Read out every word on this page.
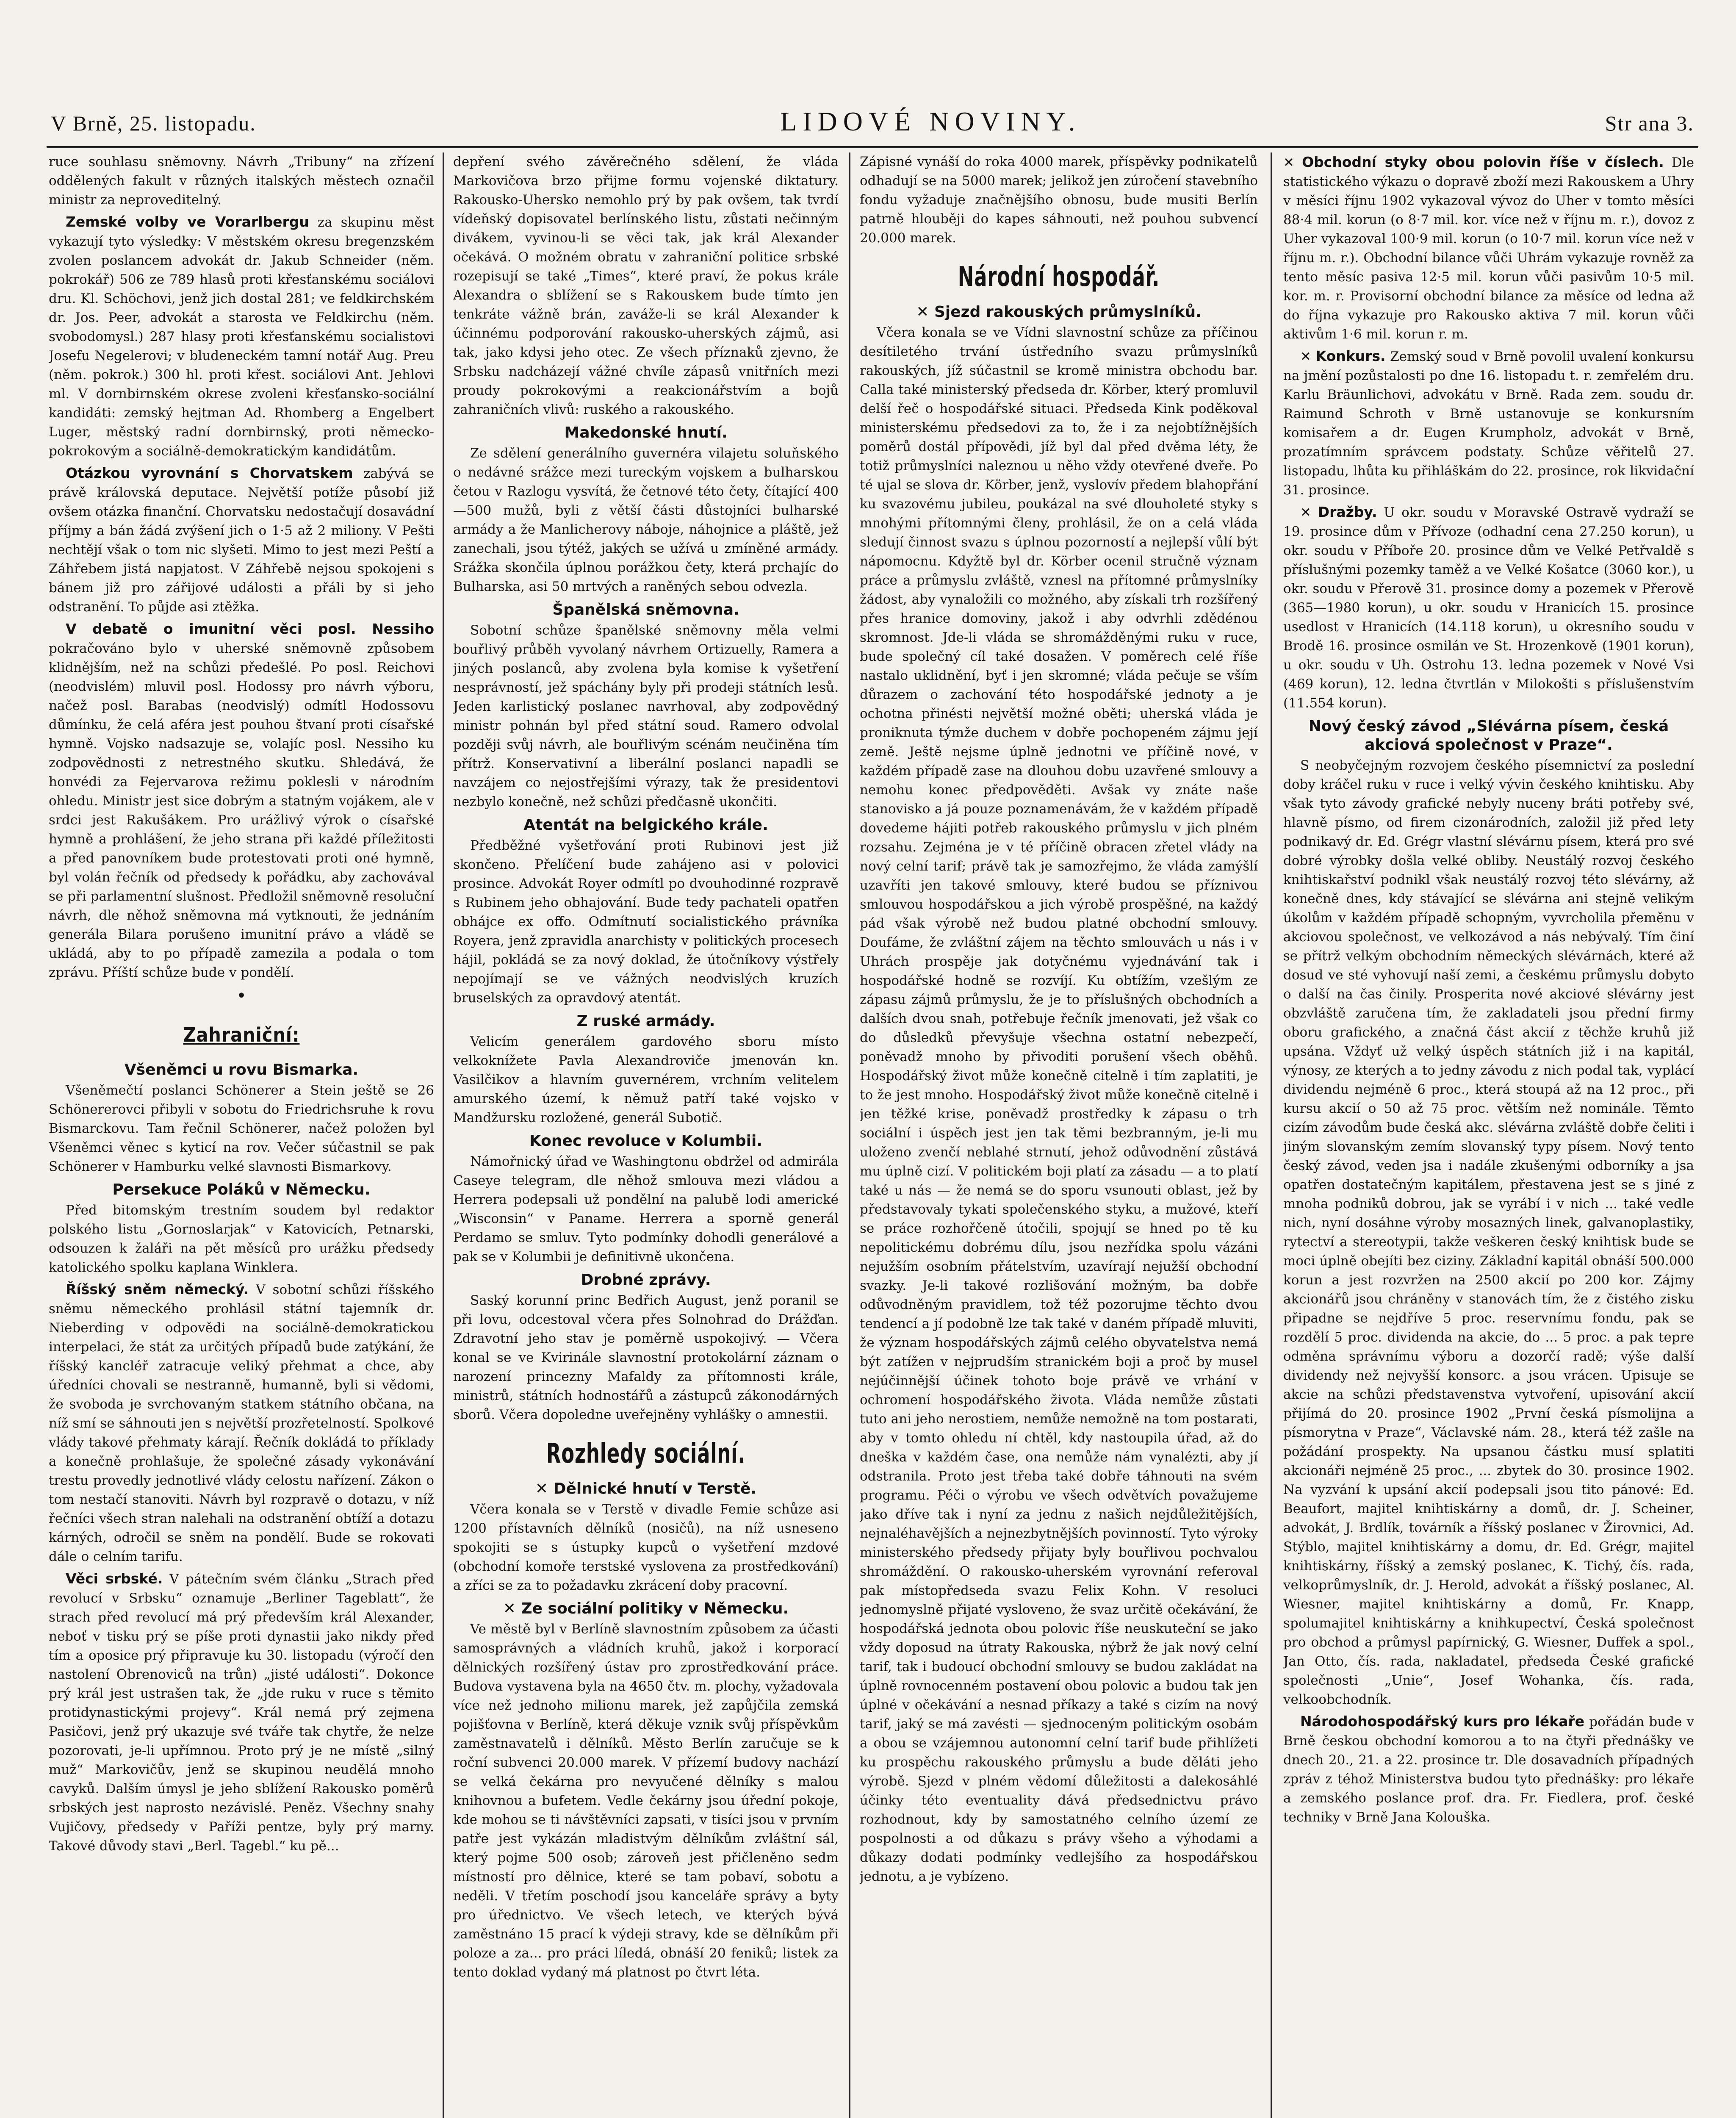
V Brně, 25. listopadu.	LIDOVÉ NOVINY.	Str ana 3.

ruce souhlasu sněmovny. Návrh „Tribuny“ na zřízení oddělených fakult v různých italských městech označil ministr za neproveditelný.

Zemské volby ve Vorarlbergu za skupinu měst vykazují tyto výsledky: V městském okresu bregenzském zvolen poslancem advokát dr. Jakub Schneider (něm. pokrokář) 506 ze 789 hlasů proti křesťanskému sociálovi dru. Kl. Schöchovi, jenž jich dostal 281; ve feldkirchském dr. Jos. Peer, advokát a starosta ve Feldkirchu (něm. svobodomysl.) 287 hlasy proti křesťanskému socialistovi Josefu Negelerovi; v bludeneckém tamní notář Aug. Preu (něm. pokrok.) 300 hl. proti křest. sociálovi Ant. Jehlovi ml. V dornbirnském okrese zvoleni křesťansko-sociální kandidáti: zemský hejtman Ad. Rhomberg a Engelbert Luger, městský radní dornbirnský, proti německo-pokrokovým a sociálně-demokratickým kandidátům.

Otázkou vyrovnání s Chorvatskem zabývá se právě královská deputace. Největší potíže působí již ovšem otázka finanční. Chorvatsku nedostačují dosavádní příjmy a bán žádá zvýšení jich o 1·5 až 2 miliony. V Pešti nechtějí však o tom nic slyšeti. Mimo to jest mezi Peští a Záhřebem jistá napjatost. V Záhřebě nejsou spokojeni s bánem již pro zářijové události a přáli by si jeho odstranění. To půjde asi ztěžka.

V debatě o imunitní věci posl. Nessiho pokračováno bylo v uherské sněmovně způsobem klidnějším, než na schůzi předešlé. Po posl. Reichovi (neodvislém) mluvil posl. Hodossy pro návrh výboru, načež posl. Barabas (neodvislý) odmítl Hodossovu důmínku, že celá aféra jest pouhou štvaní proti císařské hymně. Vojsko nadsazuje se, volajíc posl. Nessiho ku zodpovědnosti z netrestného skutku. Shledává, že honvédi za Fejervarova režimu poklesli v národním ohledu. Ministr jest sice dobrým a statným vojákem, ale v srdci jest Rakušákem. Pro urážlivý výrok o císařské hymně a prohlášení, že jeho strana při každé příležitosti a před panovníkem bude protestovati proti oné hymně, byl volán řečník od předsedy k pořádku, aby zachovával se při parlamentní slušnost. Předložil sněmovně resoluční návrh, dle něhož sněmovna má vytknouti, že jednáním generála Bilara porušeno imunitní právo a vládě se ukládá, aby to po případě zamezila a podala o tom zprávu. Příští schůze bude v pondělí.

•
Zahraniční:
Všeněmci u rovu Bismarka.

Všeněmečtí poslanci Schönerer a Stein ještě se 26 Schönererovci přibyli v sobotu do Friedrichsruhe k rovu Bismarckovu. Tam řečnil Schönerer, načež položen byl Všeněmci věnec s kyticí na rov. Večer súčastnil se pak Schönerer v Hamburku velké slavnosti Bismarkovy.

Persekuce Poláků v Německu.

Před bitomským trestním soudem byl redaktor polského listu „Gornoslarjak“ v Katovicích, Petnarski, odsouzen k žaláři na pět měsíců pro urážku předsedy katolického spolku kaplana Winklera.

Říšský sněm německý. V sobotní schůzi říšského sněmu německého prohlásil státní tajemník dr. Nieberding v odpovědi na sociálně-demokratickou interpelaci, že stát za určitých případů bude zatýkání, že říšský kancléř zatracuje veliký přehmat a chce, aby úředníci chovali se nestranně, humanně, byli si vědomi, že svoboda je svrchovaným statkem státního občana, na níž smí se sáhnouti jen s největší prozřetelností. Spolkové vlády takové přehmaty kárají. Řečník dokládá to příklady a konečně prohlašuje, že společné zásady vykonávání trestu provedly jednotlivé vlády celostu nařízení. Zákon o tom nestačí stanoviti. Návrh byl rozpravě o dotazu, v níž řečníci všech stran nalehali na odstranění obtíží a dotazu kárných, odročil se sněm na pondělí. Bude se rokovati dále o celním tarifu.

Věci srbské. V pátečním svém článku „Strach před revolucí v Srbsku“ oznamuje „Berliner Tageblatt“, že strach před revolucí má prý především král Alexander, neboť v tisku prý se píše proti dynastii jako nikdy před tím a oposice prý připravuje ku 30. listopadu (výročí den nastolení Obrenoviců na trůn) „jisté události“. Dokonce prý král jest ustrašen tak, že „jde ruku v ruce s těmito protidynastickými projevy“. Král nemá prý zejmena Pasičovi, jenž prý ukazuje své tváře tak chytře, že nelze pozorovati, je-li upřímnou. Proto prý je ne místě „silný muž“ Markovičův, jenž se skupinou neudělá mnoho cavyků. Dalším úmysl je jeho sblížení Rakousko poměrů srbských jest naprosto nezávislé. Peněz. Všechny snahy Vujičovy, předsedy v Paříži pentze, byly prý marny. Takové důvody stavi „Berl. Tagebl.“ ku pě...

depření svého závěrečného sdělení, že vláda Markovičova brzo přijme formu vojenské diktatury. Rakousko-Uhersko nemohlo prý by pak ovšem, tak tvrdí vídeňský dopisovatel berlínského listu, zůstati nečinným divákem, vyvinou-li se věci tak, jak král Alexander očekává. O možném obratu v zahraniční politice srbské rozepisují se také „Times“, které praví, že pokus krále Alexandra o sblížení se s Rakouskem bude tímto jen tenkráte vážně brán, zaváže-li se král Alexander k účinnému podporování rakousko-uherských zájmů, asi tak, jako kdysi jeho otec. Ze všech příznaků zjevno, že Srbsku nadcházejí vážné chvíle zápasů vnitřních mezi proudy pokrokovými a reakcionářstvím a bojů zahraničních vlivů: ruského a rakouského.

Makedonské hnutí.

Ze sdělení generálního guvernéra vilajetu soluňského o nedávné srážce mezi tureckým vojskem a bulharskou četou v Razlogu vysvítá, že četnové této čety, čítající 400—500 mužů, byli z větší části důstojníci bulharské armády a že Manlicherovy náboje, náhojnice a pláště, jež zanechali, jsou týtéž, jakých se užívá u zmíněné armády. Srážka skončila úplnou porážkou čety, která prchajíc do Bulharska, asi 50 mrtvých a raněných sebou odvezla.

Španělská sněmovna.

Sobotní schůze španělské sněmovny měla velmi bouřlivý průběh vyvolaný návrhem Ortizuelly, Ramera a jiných poslanců, aby zvolena byla komise k vyšetření nesprávností, jež spáchány byly při prodeji státních lesů. Jeden karlistický poslanec navrhoval, aby zodpovědný ministr pohnán byl před státní soud. Ramero odvolal později svůj návrh, ale bouřlivým scénám neučiněna tím přítrž. Konservativní a liberální poslanci napadli se navzájem co nejostřejšími výrazy, tak že presidentovi nezbylo konečně, než schůzi předčasně ukončiti.

Atentát na belgického krále.

Předběžné vyšetřování proti Rubinovi jest již skončeno. Přelíčení bude zahájeno asi v polovici prosince. Advokát Royer odmítl po dvouhodinné rozpravě s Rubinem jeho obhajování. Bude tedy pachateli opatřen obhájce ex offo. Odmítnutí socialistického právníka Royera, jenž zpravidla anarchisty v politických procesech hájil, pokládá se za nový doklad, že útočníkovy výstřely nepojímají se ve vážných neodvislých kruzích bruselských za opravdový atentát.

Z ruské armády.

Velicím generálem gardového sboru místo velkoknížete Pavla Alexandroviče jmenován kn. Vasilčikov a hlavním guvernérem, vrchním velitelem amurského území, k němuž patří také vojsko v Mandžursku rozložené, generál Subotič.

Konec revoluce v Kolumbii.

Námořnický úřad ve Washingtonu obdržel od admirála Caseye telegram, dle něhož smlouva mezi vládou a Herrera podepsali už pondělní na palubě lodi americké „Wisconsin“ v Paname. Herrera a sporně generál Perdamo se smluv. Tyto podmínky dohodli generálové a pak se v Kolumbii je definitivně ukončena.

Drobné zprávy.

Saský korunní princ Bedřich August, jenž poranil se při lovu, odcestoval včera přes Solnohrad do Drážďan. Zdravotní jeho stav je poměrně uspokojivý. — Včera konal se ve Kvirinále slavnostní protokolární záznam o narození princezny Mafaldy za přítomnosti krále, ministrů, státních hodnostářů a zástupců zákonodárných sborů. Včera dopoledne uveřejněny vyhlášky o amnestii.

Rozhledy sociální.
✕ Dělnické hnutí v Terstě.

Včera konala se v Terstě v divadle Femie schůze asi 1200 přístavních dělníků (nosičů), na níž usneseno spokojiti se s ústupky kupců o vyšetření mzdové (obchodní komoře terstské vyslovena za prostředkování) a zříci se za to požadavku zkrácení doby pracovní.

✕ Ze sociální politiky v Německu.

Ve městě byl v Berlíně slavnostním způsobem za účasti samosprávných a vládních kruhů, jakož i korporací dělnických rozšířený ústav pro zprostředkování práce. Budova vystavena byla na 4650 čtv. m. plochy, vyžadovala více než jednoho milionu marek, jež zapůjčila zemská pojišťovna v Berlíně, která děkuje vznik svůj příspěvkům zaměstnavatelů i dělníků. Město Berlín zaručuje se k roční subvenci 20.000 marek. V přízemí budovy nachází se velká čekárna pro nevyučené dělníky s malou knihovnou a bufetem. Vedle čekárny jsou úřední pokoje, kde mohou se ti návštěvníci zapsati, v tisíci jsou v prvním patře jest vykázán mladistvým dělníkům zvláštní sál, který pojme 500 osob; zároveň jest přičleněno sedm místností pro dělnice, které se tam pobaví, sobotu a neděli. V třetím poschodí jsou kanceláře správy a byty pro úřednictvo. Ve všech letech, ve kterých bývá zaměstnáno 15 prací k výdeji stravy, kde se dělníkům při poloze a za... pro práci líledá, obnáší 20 feniků; listek za tento doklad vydaný má platnost po čtvrt léta.

Zápisné vynáší do roka 4000 marek, příspěvky podnikatelů odhadují se na 5000 marek; jelikož jen zúročení stavebního fondu vyžaduje značnějšího obnosu, bude musiti Berlín patrně hlouběji do kapes sáhnouti, než pouhou subvencí 20.000 marek.

Národní hospodář.
✕ Sjezd rakouských průmyslníků.

Včera konala se ve Vídni slavnostní schůze za příčinou desítiletého trvání ústředního svazu průmyslníků rakouských, jíž súčastnil se kromě ministra obchodu bar. Calla také ministerský předseda dr. Körber, který promluvil delší řeč o hospodářské situaci. Předseda Kink poděkoval ministerskému předsedovi za to, že i za nejobtížnějších poměrů dostál přípovědi, jíž byl dal před dvěma léty, že totiž průmyslníci naleznou u něho vždy otevřené dveře. Po té ujal se slova dr. Körber, jenž, vyslovív předem blahopřání ku svazovému jubileu, poukázal na své dlouholeté styky s mnohými přítomnými členy, prohlásil, že on a celá vláda sledují činnost svazu s úplnou pozorností a nejlepší vůlí být nápomocnu. Kdyžtě byl dr. Körber ocenil stručně význam práce a průmyslu zvláště, vznesl na přítomné průmyslníky žádost, aby vynaložili co možného, aby získali trh rozšířený přes hranice domoviny, jakož i aby odvrhli zdědénou skromnost. Jde-li vláda se shromážděnými ruku v ruce, bude společný cíl také dosažen. V poměrech celé říše nastalo uklidnění, byť i jen skromné; vláda pečuje se vším důrazem o zachování této hospodářské jednoty a je ochotna přinésti největší možné oběti; uherská vláda je proniknuta týmže duchem v dobře pochopeném zájmu její země. Ještě nejsme úplně jednotni ve příčině nové, v každém případě zase na dlouhou dobu uzavřené smlouvy a nemohu konec předpověděti. Avšak vy znáte naše stanovisko a já pouze poznamenávám, že v každém případě dovedeme hájiti potřeb rakouského průmyslu v jich plném rozsahu. Zejména je v té příčině obracen zřetel vlády na nový celní tarif; právě tak je samozřejmo, že vláda zamýšlí uzavříti jen takové smlouvy, které budou se příznivou smlouvou hospodářskou a jich výrobě prospěšné, na každý pád však výrobě než budou platné obchodní smlouvy. Doufáme, že zvláštní zájem na těchto smlouvách u nás i v Uhrách prospěje jak dotyčnému vyjednávání tak i hospodářské hodně se rozvíjí. Ku obtížím, vzešlým ze zápasu zájmů průmyslu, že je to příslušných obchodních a dalších dvou snah, potřebuje řečník jmenovati, jež však co do důsledků převyšuje všechna ostatní nebezpečí, poněvadž mnoho by přivoditi porušení všech oběhů. Hospodářský život může konečně citelně i tím zaplatiti, je to že jest mnoho. Hospodářský život může konečně citelně i jen těžké krise, poněvadž prostředky k zápasu o trh sociální i úspěch jest jen tak těmi bezbranným, je-li mu uloženo zvenčí neblahé strnutí, jehož odůvodnění zůstává mu úplně cizí. V politickém boji platí za zásadu — a to platí také u nás — že nemá se do sporu vsunouti oblast, jež by představovaly tykati společenského styku, a mužové, kteří se práce rozhořčeně útočili, spojují se hned po tě ku nepolitickému dobrému dílu, jsou nezřídka spolu vázáni nejužším osobním přátelstvím, uzavírají nejužší obchodní svazky. Je-li takové rozlišování možným, ba dobře odůvodněným pravidlem, tož též pozorujme těchto dvou tendencí a jí podobně lze tak také v daném případě mluviti, že význam hospodářských zájmů celého obyvatelstva nemá být zatížen v nejprudším stranickém boji a proč by musel nejúčinnější účinek tohoto boje právě ve vrhání v ochromení hospodářského života. Vláda nemůže zůstati tuto ani jeho nerostiem, nemůže nemožně na tom postarati, aby v tomto ohledu ní chtěl, kdy nastoupila úřad, až do dneška v každém čase, ona nemůže nám vynalézti, aby jí odstranila. Proto jest třeba také dobře táhnouti na svém programu. Péči o výrobu ve všech odvětvích považujeme jako dříve tak i nyní za jednu z našich nejdůležitějších, nejnaléhavějších a nejnezbytnějších povinností. Tyto výroky ministerského předsedy přijaty byly bouřlivou pochvalou shromáždění. O rakousko-uherském vyrovnání referoval pak místopředseda svazu Felix Kohn. V resoluci jednomyslně přijaté vysloveno, že svaz určitě očekávání, že hospodářská jednota obou polovic říše neuskuteční se jako vždy doposud na útraty Rakouska, nýbrž že jak nový celní tarif, tak i budoucí obchodní smlouvy se budou zakládat na úplně rovnocenném postavení obou polovic a budou tak jen úplné v očekávání a nesnad příkazy a také s cizím na nový tarif, jaký se má zavésti — sjednoceným politickým osobám a obou se vzájemnou autonomní celní tarif bude přihlížeti ku prospěchu rakouského průmyslu a bude děláti jeho výrobě. Sjezd v plném vědomí důležitosti a dalekosáhlé účinky této eventuality dává předsednictvu právo rozhodnout, kdy by samostatného celního území ze pospolnosti a od důkazu s právy všeho a výhodami a důkazy dodati podmínky vedlejšího za hospodářskou jednotu, a je vybízeno.

✕ Obchodní styky obou polovin říše v číslech. Dle statistického výkazu o dopravě zboží mezi Rakouskem a Uhry v měsíci říjnu 1902 vykazoval vývoz do Uher v tomto měsíci 88·4 mil. korun (o 8·7 mil. kor. více než v říjnu m. r.), dovoz z Uher vykazoval 100·9 mil. korun (o 10·7 mil. korun více než v říjnu m. r.). Obchodní bilance vůči Uhrám vykazuje rovněž za tento měsíc pasiva 12·5 mil. korun vůči pasivům 10·5 mil. kor. m. r. Provisorní obchodní bilance za měsíce od ledna až do října vykazuje pro Rakousko aktiva 7 mil. korun vůči aktivům 1·6 mil. korun r. m.

✕ Konkurs. Zemský soud v Brně povolil uvalení konkursu na jmění pozůstalosti po dne 16. listopadu t. r. zemřelém dru. Karlu Bräunlichovi, advokátu v Brně. Rada zem. soudu dr. Raimund Schroth v Brně ustanovuje se konkursním komisařem a dr. Eugen Krumpholz, advokát v Brně, prozatímním správcem podstaty. Schůze věřitelů 27. listopadu, lhůta ku přihláškám do 22. prosince, rok likvidační 31. prosince.

✕ Dražby. U okr. soudu v Moravské Ostravě vydraží se 19. prosince dům v Přívoze (odhadní cena 27.250 korun), u okr. soudu v Příboře 20. prosince dům ve Velké Petřvaldě s příslušnými pozemky taměž a ve Velké Košatce (3060 kor.), u okr. soudu v Přerově 31. prosince domy a pozemek v Přerově (365—1980 korun), u okr. soudu v Hranicích 15. prosince usedlost v Hranicích (14.118 korun), u okresního soudu v Brodě 16. prosince osmilán ve St. Hrozenkově (1901 korun), u okr. soudu v Uh. Ostrohu 13. ledna pozemek v Nové Vsi (469 korun), 12. ledna čtvrtlán v Milokošti s příslušenstvím (11.554 korun).

Nový český závod „Slévárna písem, česká akciová společnost v Praze“.

S neobyčejným rozvojem českého písemnictví za poslední doby kráčel ruku v ruce i velký vývin českého knihtisku. Aby však tyto závody grafické nebyly nuceny bráti potřeby své, hlavně písmo, od firem cizonárodních, založil již před lety podnikavý dr. Ed. Grégr vlastní slévárnu písem, která pro své dobré výrobky došla velké obliby. Neustálý rozvoj českého knihtiskařství podnikl však neustálý rozvoj této slévárny, až konečně dnes, kdy stávající se slévárna ani stejně velikým úkolům v každém případě schopným, vyvrcholila přeměnu v akciovou společnost, ve velkozávod a nás nebývalý. Tím činí se přítrž velkým obchodním německých slévárnách, které až dosud ve sté vyhovují naší zemi, a českému průmyslu dobyto o další na čas činily. Prosperita nové akciové slévárny jest obzvláště zaručena tím, že zakladateli jsou přední firmy oboru grafického, a značná část akcií z těchže kruhů již upsána. Vždyť už velký úspěch státních již i na kapitál, výnosy, ze kterých a to jedny závodu z nich podal tak, vyplácí dividendu nejméně 6 proc., která stoupá až na 12 proc., při kursu akcií o 50 až 75 proc. větším než nominále. Těmto cizím závodům bude česká akc. slévárna zvláště dobře čeliti i jiným slovanským zemím slovanský typy písem. Nový tento český závod, veden jsa i nadále zkušenými odborníky a jsa opatřen dostatečným kapitálem, přestavena jest se s jiné z mnoha podniků dobrou, jak se vyrábí i v nich ... také vedle nich, nyní dosáhne výroby mosazných linek, galvanoplastiky, rytectví a stereotypii, takže veškeren český knihtisk bude se moci úplně obejíti bez ciziny. Základní kapitál obnáší 500.000 korun a jest rozvržen na 2500 akcií po 200 kor. Zájmy akcionářů jsou chráněny v stanovách tím, že z čistého zisku připadne se nejdříve 5 proc. reservnímu fondu, pak se rozdělí 5 proc. dividenda na akcie, do ... 5 proc. a pak tepre odměna správnímu výboru a dozorčí radě; výše další dividendy než nejvyšší konsorc. a jsou vrácen. Upisuje se akcie na schůzi představenstva vytvoření, upisování akcií přijímá do 20. prosince 1902 „První česká písmolijna a písmorytna v Praze“, Václavské nám. 28., která též zašle na požádání prospekty. Na upsanou částku musí splatiti akcionáři nejméně 25 proc., ... zbytek do 30. prosince 1902. Na vyzvání k upsání akcií podepsali jsou tito pánové: Ed. Beaufort, majitel knihtiskárny a domů, dr. J. Scheiner, advokát, J. Brdlík, továrník a říšský poslanec v Žirovnici, Ad. Stýblo, majitel knihtiskárny a domu, dr. Ed. Grégr, majitel knihtiskárny, říšský a zemský poslanec, K. Tichý, čís. rada, velkoprůmyslník, dr. J. Herold, advokát a říšský poslanec, Al. Wiesner, majitel knihtiskárny a domů, Fr. Knapp, spolumajitel knihtiskárny a knihkupectví, Česká společnost pro obchod a průmysl papírnický, G. Wiesner, Duffek a spol., Jan Otto, čís. rada, nakladatel, předseda České grafické společnosti „Unie“, Josef Wohanka, čís. rada, velkoobchodník.

Národohospodářský kurs pro lékaře pořádán bude v Brně českou obchodní komorou a to na čtyři přednášky ve dnech 20., 21. a 22. prosince tr. Dle dosavadních případných zpráv z téhož Ministerstva budou tyto přednášky: pro lékaře a zemského poslance prof. dra. Fr. Fiedlera, prof. české techniky v Brně Jana Kolouška.
